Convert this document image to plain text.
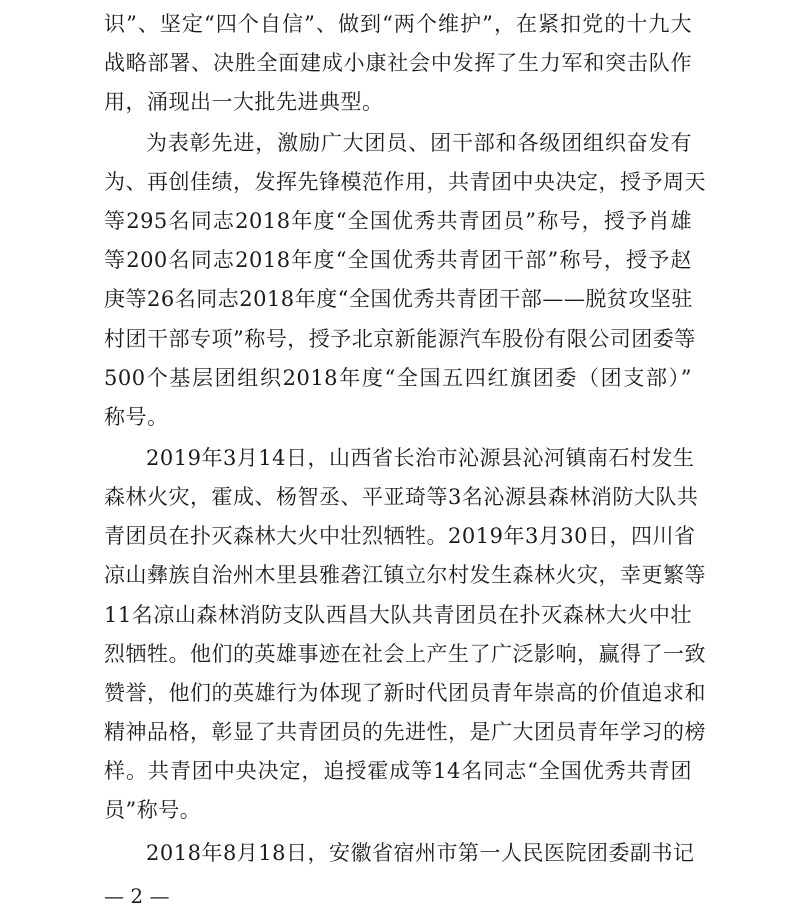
识”、坚定“四个自信”、做到“两个维护”，在紧扣党的十九大
战略部署、决胜全面建成小康社会中发挥了生力军和突击队作
用，涌现出一大批先进典型。
为表彰先进，激励广大团员、团干部和各级团组织奋发有
为、再创佳绩，发挥先锋模范作用，共青团中央决定，授予周天
等295名同志2018年度“全国优秀共青团员”称号，授予肖雄
等200名同志2018年度“全国优秀共青团干部”称号，授予赵
庚等26名同志2018年度“全国优秀共青团干部——脱贫攻坚驻
村团干部专项”称号，授予北京新能源汽车股份有限公司团委等
500个基层团组织2018年度“全国五四红旗团委（团支部）”
称号。
2019年3月14日，山西省长治市沁源县沁河镇南石村发生
森林火灾，霍成、杨智丞、平亚琦等3名沁源县森林消防大队共
青团员在扑灭森林大火中壮烈牺牲。2019年3月30日，四川省
凉山彝族自治州木里县雅砻江镇立尔村发生森林火灾，幸更繁等
11名凉山森林消防支队西昌大队共青团员在扑灭森林大火中壮
烈牺牲。他们的英雄事迹在社会上产生了广泛影响，赢得了一致
赞誉，他们的英雄行为体现了新时代团员青年崇高的价值追求和
精神品格，彰显了共青团员的先进性，是广大团员青年学习的榜
样。共青团中央决定，追授霍成等14名同志“全国优秀共青团
员”称号。
2018年8月18日，安徽省宿州市第一人民医院团委副书记
— 2 —
